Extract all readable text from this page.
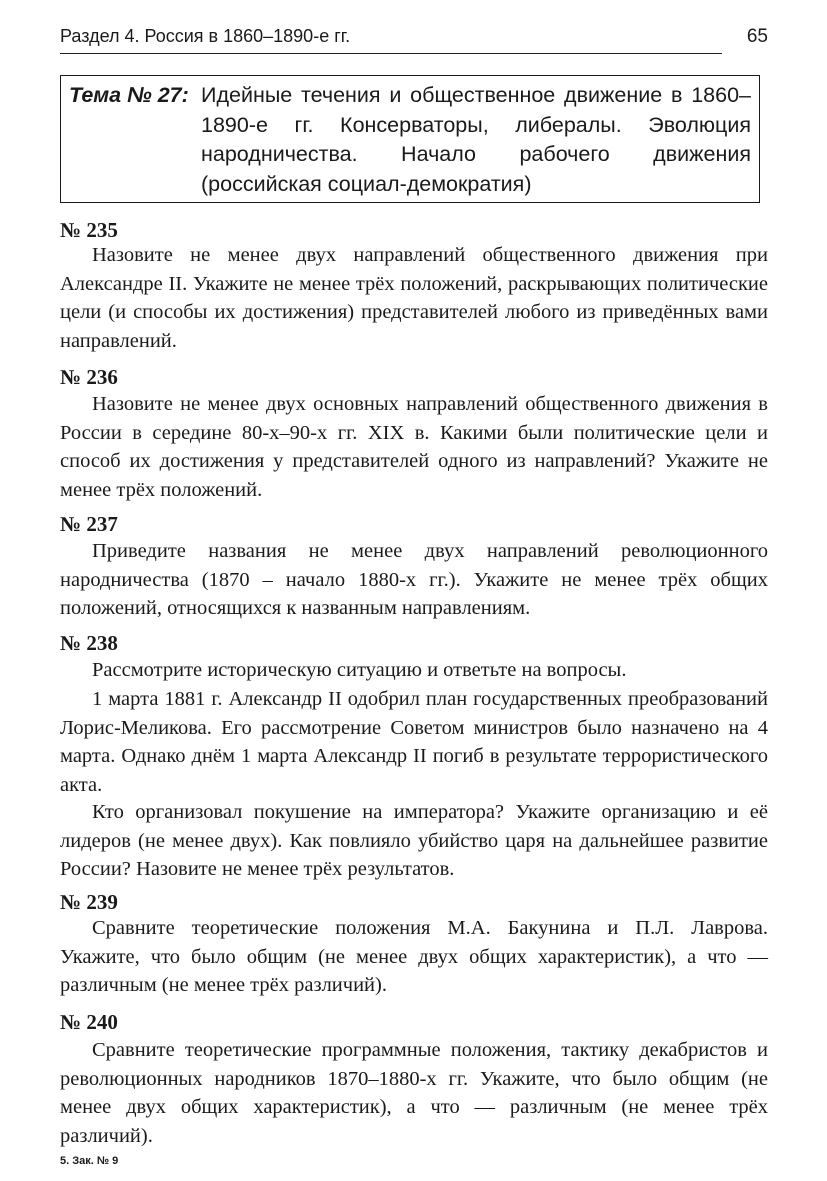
Раздел 4. Россия в 1860–1890-е гг.	65
Тема № 27: Идейные течения и общественное движение в 1860–1890-е гг. Консерваторы, либералы. Эволюция народничества. Начало рабочего движения (российская социал-демократия)
№ 235

Назовите не менее двух направлений общественного движения при Александре II. Укажите не менее трёх положений, раскрывающих политические цели (и способы их достижения) представителей любого из приведённых вами направлений.

№ 236

Назовите не менее двух основных направлений общественного движения в России в середине 80-х–90-х гг. XIX в. Какими были политические цели и способ их достижения у представителей одного из направлений? Укажите не менее трёх положений.

№ 237

Приведите названия не менее двух направлений революционного народничества (1870 – начало 1880-х гг.). Укажите не менее трёх общих положений, относящихся к названным направлениям.

№ 238

Рассмотрите историческую ситуацию и ответьте на вопросы.

1 марта 1881 г. Александр II одобрил план государственных преобразований Лорис-Меликова. Его рассмотрение Советом министров было назначено на 4 марта. Однако днём 1 марта Александр II погиб в результате террористического акта.

Кто организовал покушение на императора? Укажите организацию и её лидеров (не менее двух). Как повлияло убийство царя на дальнейшее развитие России? Назовите не менее трёх результатов.

№ 239

Сравните теоретические положения М.А. Бакунина и П.Л. Лаврова. Укажите, что было общим (не менее двух общих характеристик), а что — различным (не менее трёх различий).

№ 240

Сравните теоретические программные положения, тактику декабристов и революционных народников 1870–1880-х гг. Укажите, что было общим (не менее двух общих характеристик), а что — различным (не менее трёх различий).

5. Зак. № 9
